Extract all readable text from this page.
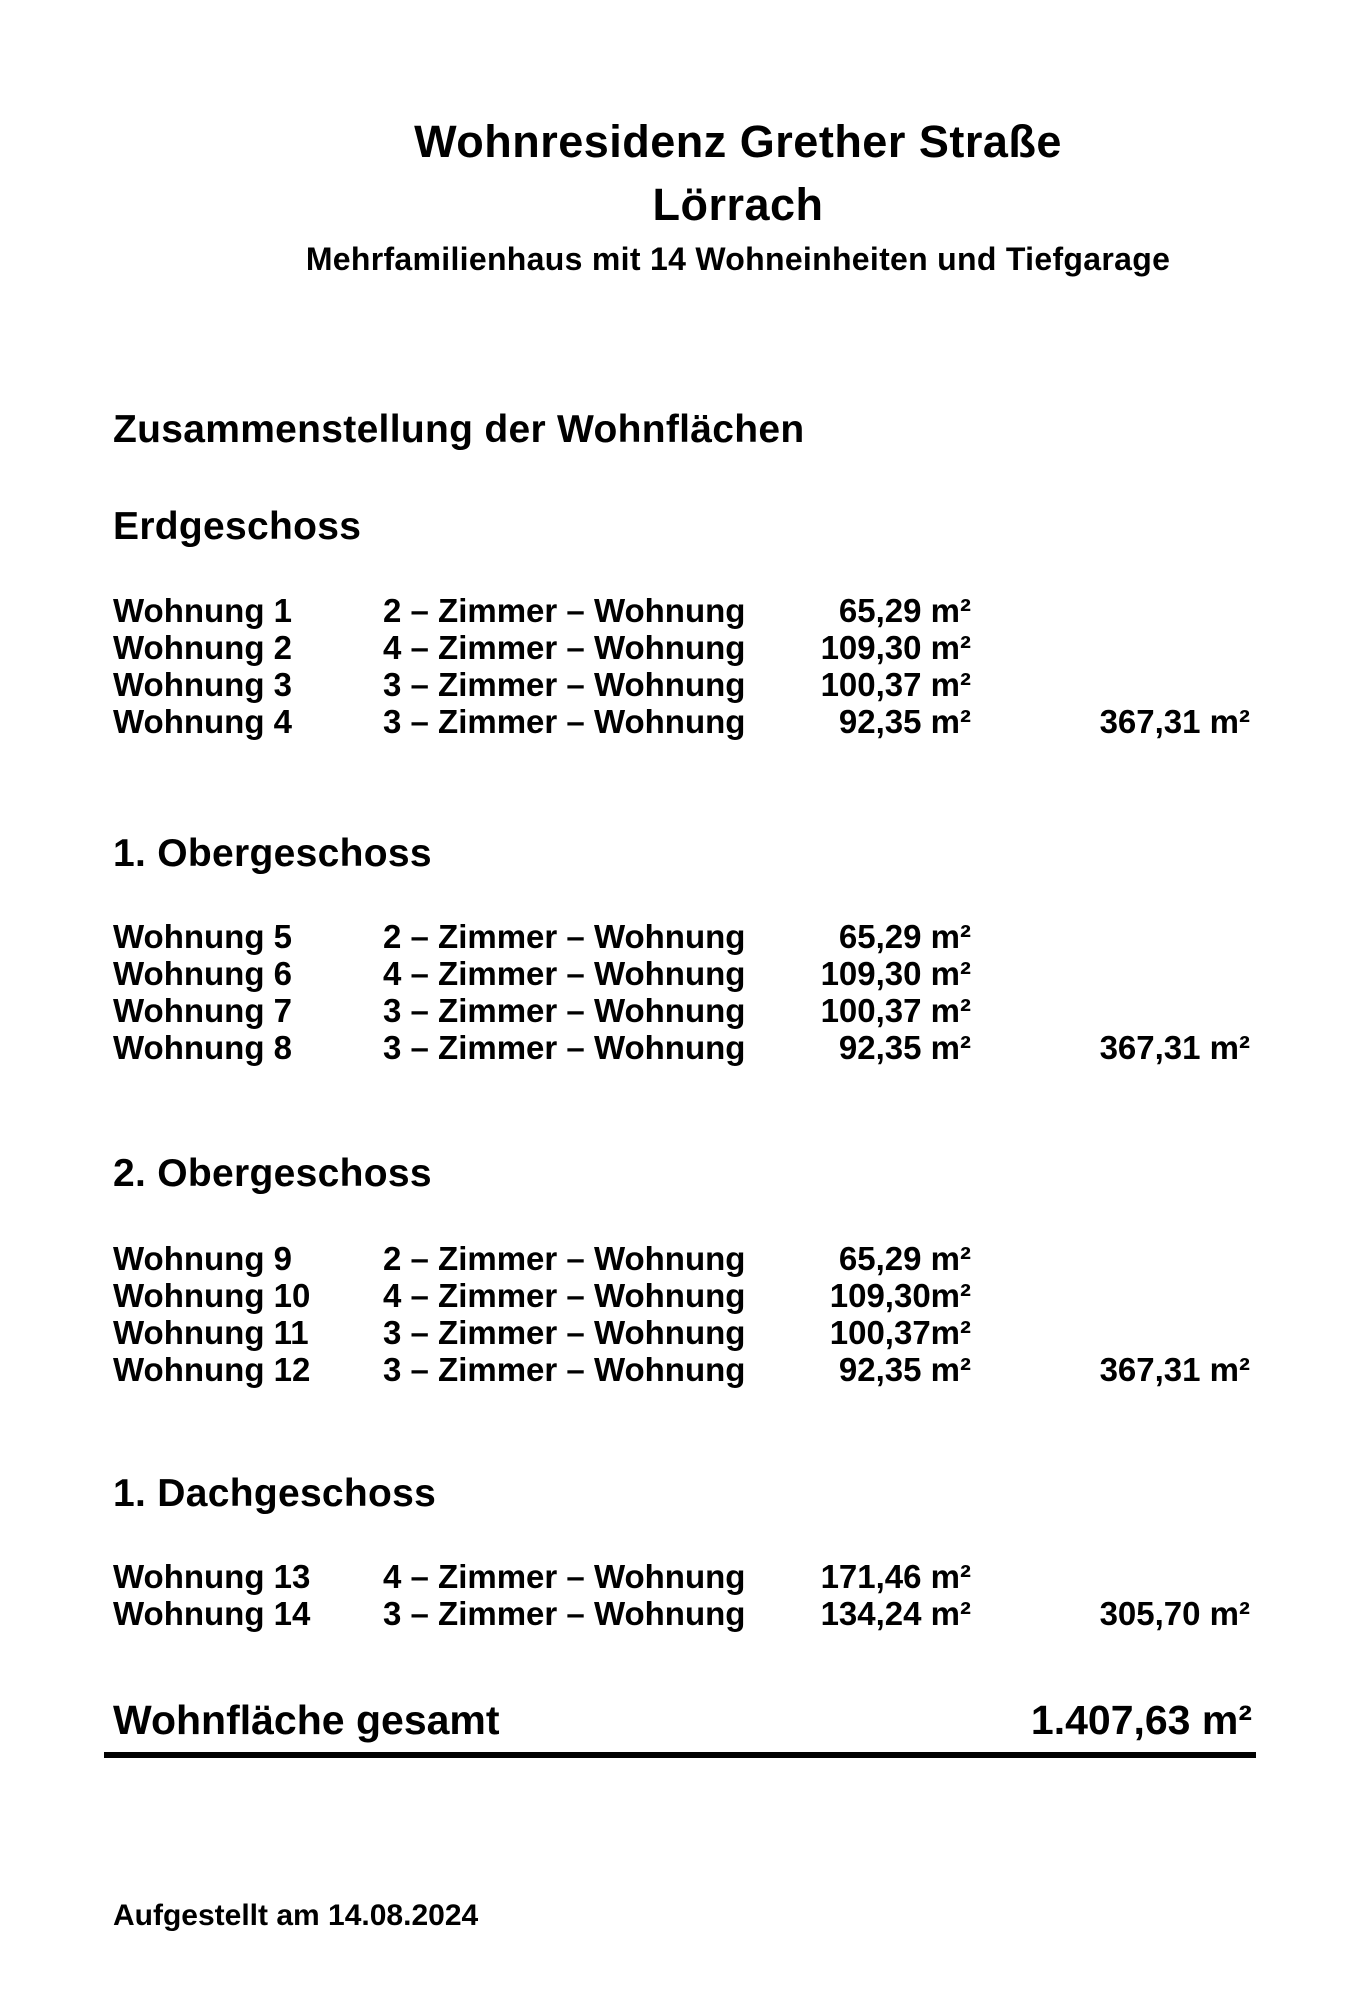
Wohnresidenz Grether Straße
Lörrach
Mehrfamilienhaus mit 14 Wohneinheiten und Tiefgarage
Zusammenstellung der Wohnflächen
Erdgeschoss
Wohnung 1	2 – Zimmer – Wohnung	65,29 m²
Wohnung 2	4 – Zimmer – Wohnung	109,30 m²
Wohnung 3	3 – Zimmer – Wohnung	100,37 m²
Wohnung 4	3 – Zimmer – Wohnung	92,35 m²	367,31 m²
1. Obergeschoss
Wohnung 5	2 – Zimmer – Wohnung	65,29 m²
Wohnung 6	4 – Zimmer – Wohnung	109,30 m²
Wohnung 7	3 – Zimmer – Wohnung	100,37 m²
Wohnung 8	3 – Zimmer – Wohnung	92,35 m²	367,31 m²
2. Obergeschoss
Wohnung 9	2 – Zimmer – Wohnung	65,29 m²
Wohnung 10	4 – Zimmer – Wohnung	109,30m²
Wohnung 11	3 – Zimmer – Wohnung	100,37m²
Wohnung 12	3 – Zimmer – Wohnung	92,35 m²	367,31 m²
1. Dachgeschoss
Wohnung 13	4 – Zimmer – Wohnung	171,46 m²
Wohnung 14	3 – Zimmer – Wohnung	134,24 m²	305,70 m²
Wohnfläche gesamt	1.407,63 m²
Aufgestellt am 14.08.2024
